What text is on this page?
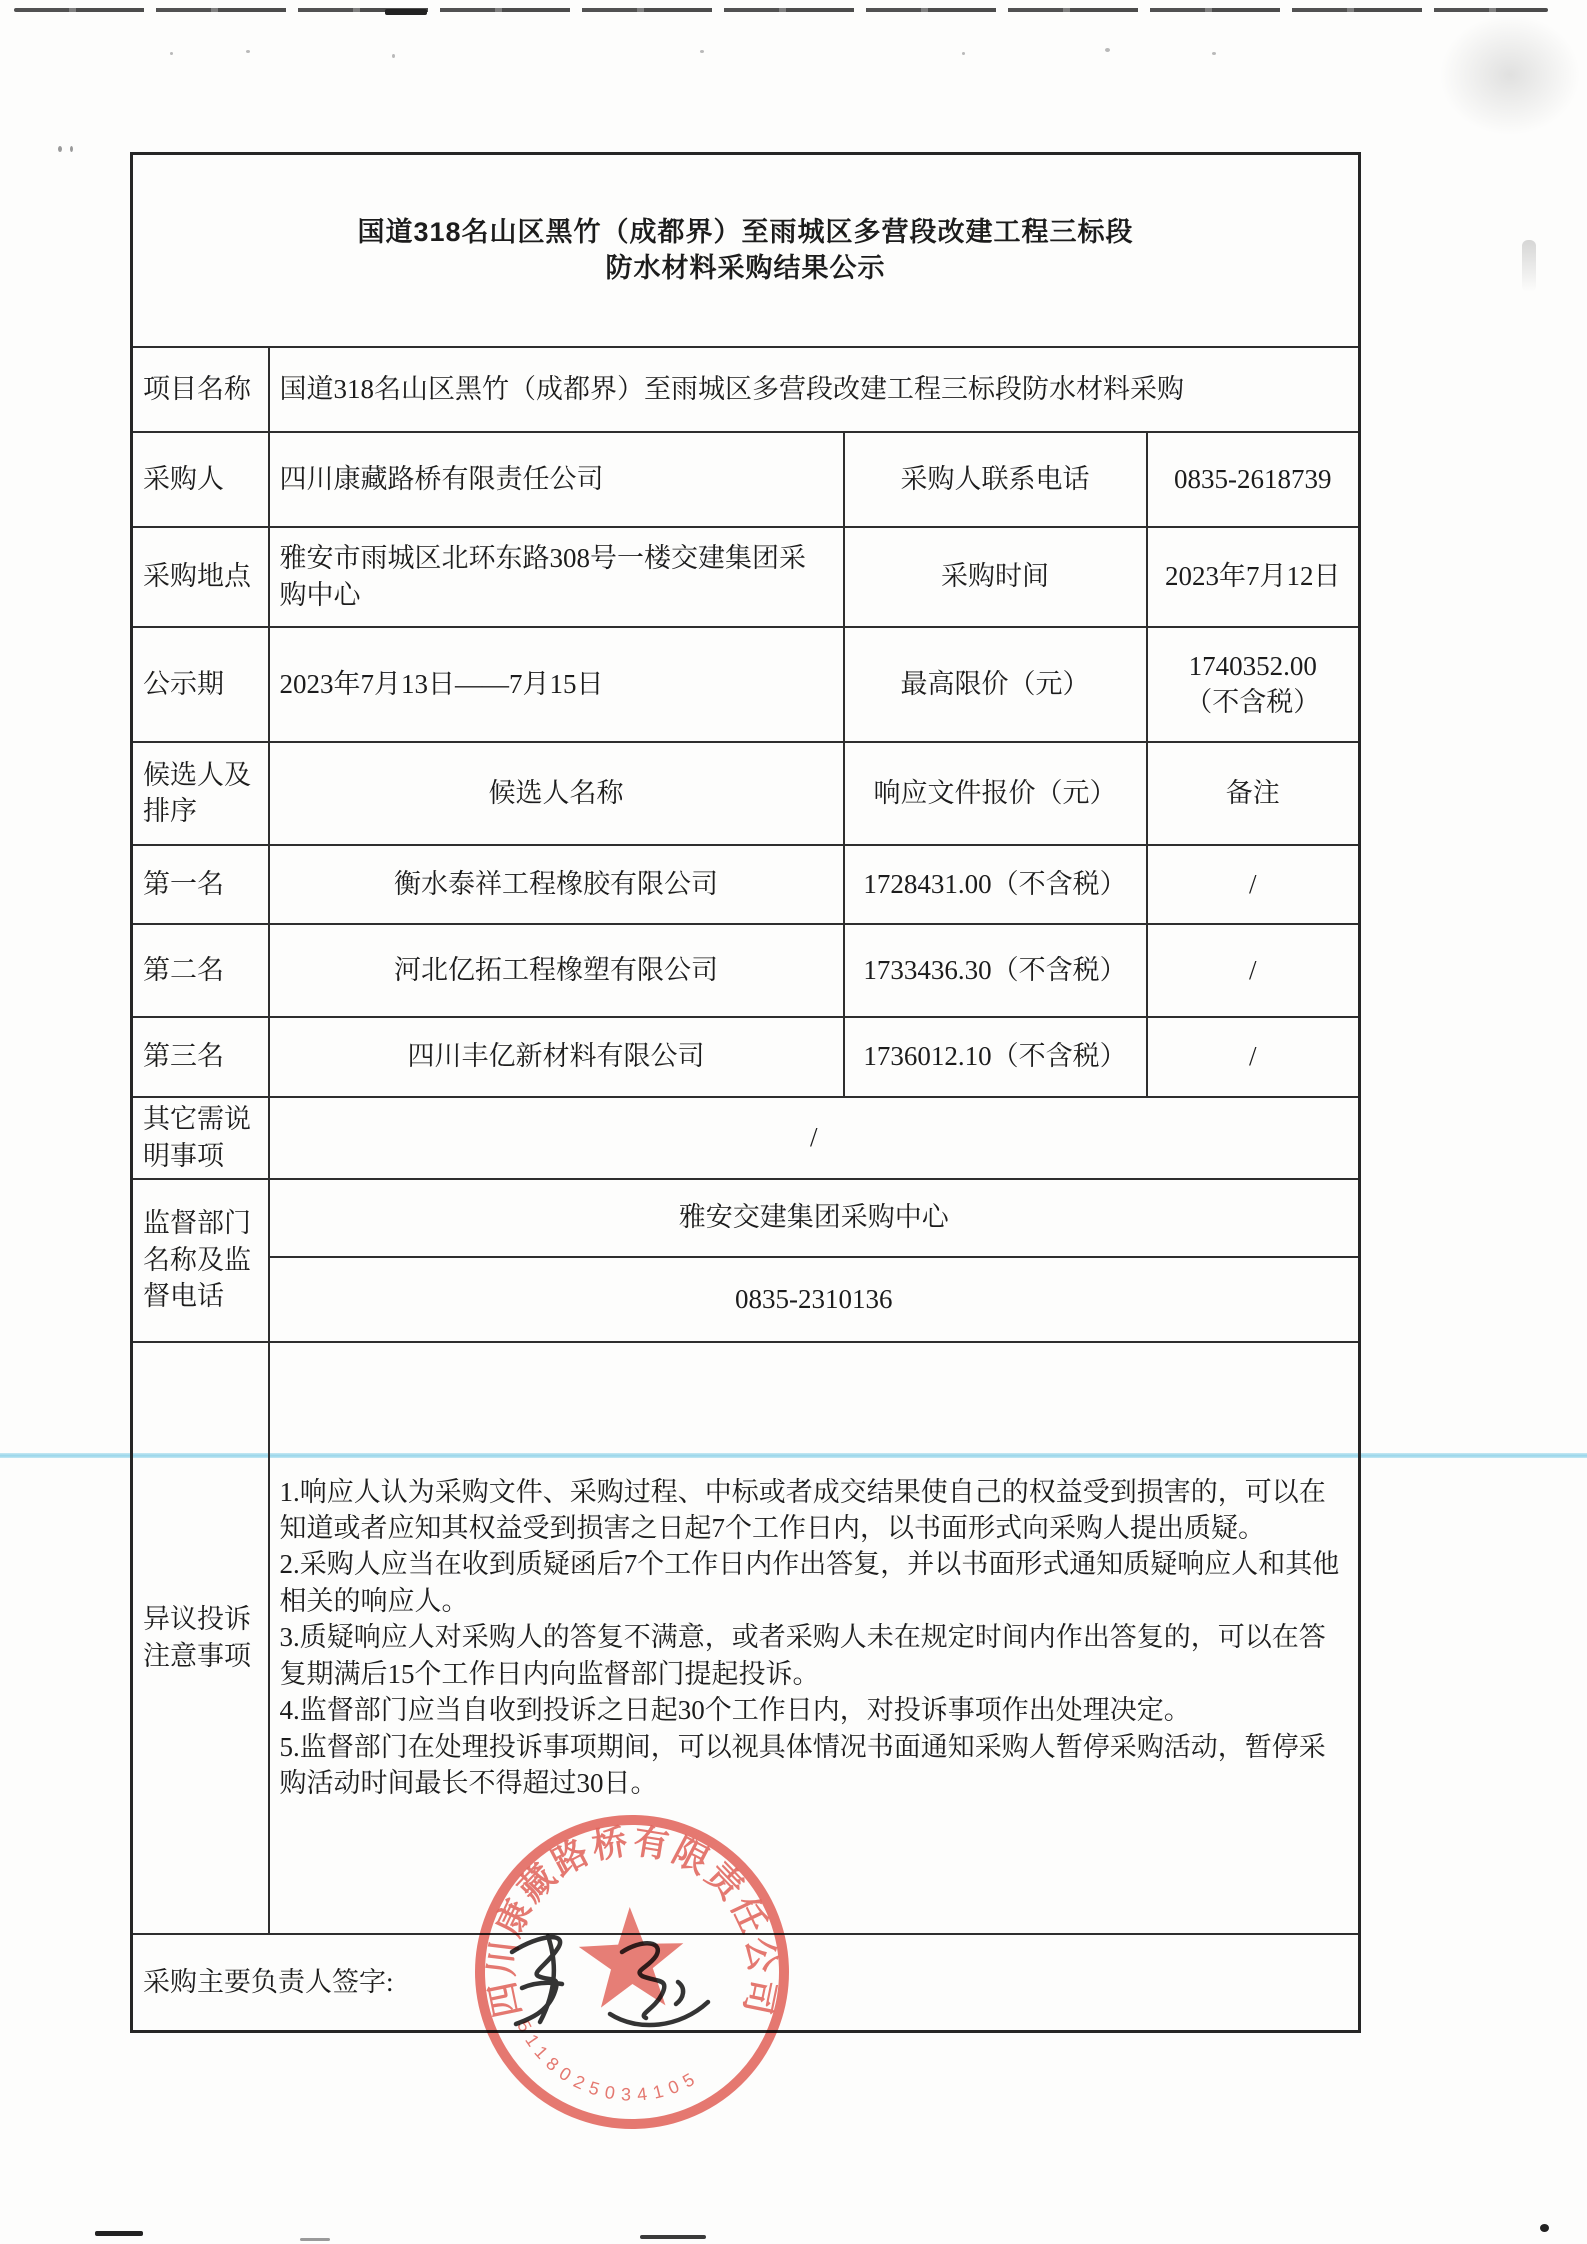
国道318名山区黑竹（成都界）至雨城区多营段改建工程三标段
防水材料采购结果公示			

项目名称	国道318名山区黑竹（成都界）至雨城区多营段改建工程三标段防水材料采购		
采购人	四川康藏路桥有限责任公司	采购人联系电话	0835-2618739
采购地点	雅安市雨城区北环东路308号一楼交建集团采购中心	采购时间	2023年7月12日
公示期	2023年7月13日——7月15日	最高限价（元）	1740352.00
（不含税）

候选人及排序	候选人名称	响应文件报价（元）	备注
第一名	衡水泰祥工程橡胶有限公司	1728431.00（不含税）	/
第二名	河北亿拓工程橡塑有限公司	1733436.30（不含税）	/
第三名	四川丰亿新材料有限公司	1736012.10（不含税）	/
其它需说明事项	/		
监督部门名称及监督电话	雅安交建集团采购中心		
	0835-2310136		
异议投诉注意事项	1.响应人认为采购文件、采购过程、中标或者成交结果使自己的权益受到损害的，可以在知道或者应知其权益受到损害之日起7个工作日内，以书面形式向采购人提出质疑。
2.采购人应当在收到质疑函后7个工作日内作出答复，并以书面形式通知质疑响应人和其他相关的响应人。
3.质疑响应人对采购人的答复不满意，或者采购人未在规定时间内作出答复的，可以在答复期满后15个工作日内向监督部门提起投诉。
4.监督部门应当自收到投诉之日起30个工作日内，对投诉事项作出处理决定。
5.监督部门在处理投诉事项期间，可以视具体情况书面通知采购人暂停采购活动，暂停采购活动时间最长不得超过30日。		

采购主要负责人签字:				四川康藏路桥有限责任公司
5118025034105
